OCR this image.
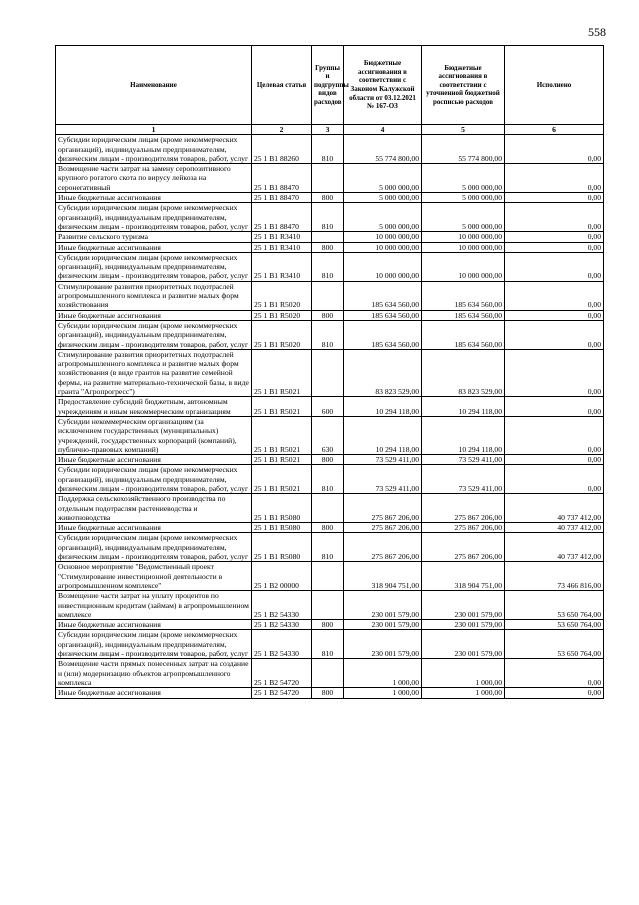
558
Наименование	Целевая статья	Группы и подгруппы видов расходов	Бюджетные ассигнования в соответствии с Законом Калужской области от 03.12.2021 № 167-ОЗ	Бюджетные ассигнования в соответствии с уточненной бюджетной росписью расходов	Исполнено
1	2	3	4	5	6
Субсидии юридическим лицам (кроме некоммерческих организаций), индивидуальным предпринимателям, физическим лицам - производителям товаров, работ, услуг	25 1 B1 88260	810	55 774 800,00	55 774 800,00	0,00
Возмещение части затрат на замену серопозитивного крупного рогатого скота по вирусу лейкоза на серонегативный	25 1 B1 88470		5 000 000,00	5 000 000,00	0,00
Иные бюджетные ассигнования	25 1 B1 88470	800	5 000 000,00	5 000 000,00	0,00
Субсидии юридическим лицам (кроме некоммерческих организаций), индивидуальным предпринимателям, физическим лицам - производителям товаров, работ, услуг	25 1 B1 88470	810	5 000 000,00	5 000 000,00	0,00
Развитие сельского туризма	25 1 B1 R3410		10 000 000,00	10 000 000,00	0,00
Иные бюджетные ассигнования	25 1 B1 R3410	800	10 000 000,00	10 000 000,00	0,00
Субсидии юридическим лицам (кроме некоммерческих организаций), индивидуальным предпринимателям, физическим лицам - производителям товаров, работ, услуг	25 1 B1 R3410	810	10 000 000,00	10 000 000,00	0,00
Стимулирование развития приоритетных подотраслей агропромышленного комплекса и развитие малых форм хозяйствования	25 1 B1 R5020		185 634 560,00	185 634 560,00	0,00
Иные бюджетные ассигнования	25 1 B1 R5020	800	185 634 560,00	185 634 560,00	0,00
Субсидии юридическим лицам (кроме некоммерческих организаций), индивидуальным предпринимателям, физическим лицам - производителям товаров, работ, услуг	25 1 B1 R5020	810	185 634 560,00	185 634 560,00	0,00
Стимулирование развития приоритетных подотраслей агропромышленного комплекса и развитие малых форм хозяйствования (в виде грантов на развитие семейной фермы, на развитие материально-технической базы, в виде гранта "Агропрогресс")	25 1 B1 R5021		83 823 529,00	83 823 529,00	0,00
Предоставление субсидий бюджетным, автономным учреждениям и иным некоммерческим организациям	25 1 B1 R5021	600	10 294 118,00	10 294 118,00	0,00
Субсидии некоммерческим организациям (за исключением государственных (муниципальных) учреждений, государственных корпораций (компаний), публично-правовых компаний)	25 1 B1 R5021	630	10 294 118,00	10 294 118,00	0,00
Иные бюджетные ассигнования	25 1 B1 R5021	800	73 529 411,00	73 529 411,00	0,00
Субсидии юридическим лицам (кроме некоммерческих организаций), индивидуальным предпринимателям, физическим лицам - производителям товаров, работ, услуг	25 1 B1 R5021	810	73 529 411,00	73 529 411,00	0,00
Поддержка сельскохозяйственного производства по отдельным подотраслям растениеводства и животноводства	25 1 B1 R5080		275 867 206,00	275 867 206,00	40 737 412,00
Иные бюджетные ассигнования	25 1 B1 R5080	800	275 867 206,00	275 867 206,00	40 737 412,00
Субсидии юридическим лицам (кроме некоммерческих организаций), индивидуальным предпринимателям, физическим лицам - производителям товаров, работ, услуг	25 1 B1 R5080	810	275 867 206,00	275 867 206,00	40 737 412,00
Основное мероприятие "Ведомственный проект "Стимулирование инвестиционной деятельности в агропромышленном комплексе"	25 1 B2 00000		318 904 751,00	318 904 751,00	73 466 816,00
Возмещение части затрат на уплату процентов по инвестиционным кредитам (займам) в агропромышленном комплексе	25 1 B2 54330		230 001 579,00	230 001 579,00	53 650 764,00
Иные бюджетные ассигнования	25 1 B2 54330	800	230 001 579,00	230 001 579,00	53 650 764,00
Субсидии юридическим лицам (кроме некоммерческих организаций), индивидуальным предпринимателям, физическим лицам - производителям товаров, работ, услуг	25 1 B2 54330	810	230 001 579,00	230 001 579,00	53 650 764,00
Возмещение части прямых понесенных затрат на создание и (или) модернизацию объектов агропромышленного комплекса	25 1 B2 54720		1 000,00	1 000,00	0,00
Иные бюджетные ассигнования	25 1 B2 54720	800	1 000,00	1 000,00	0,00
